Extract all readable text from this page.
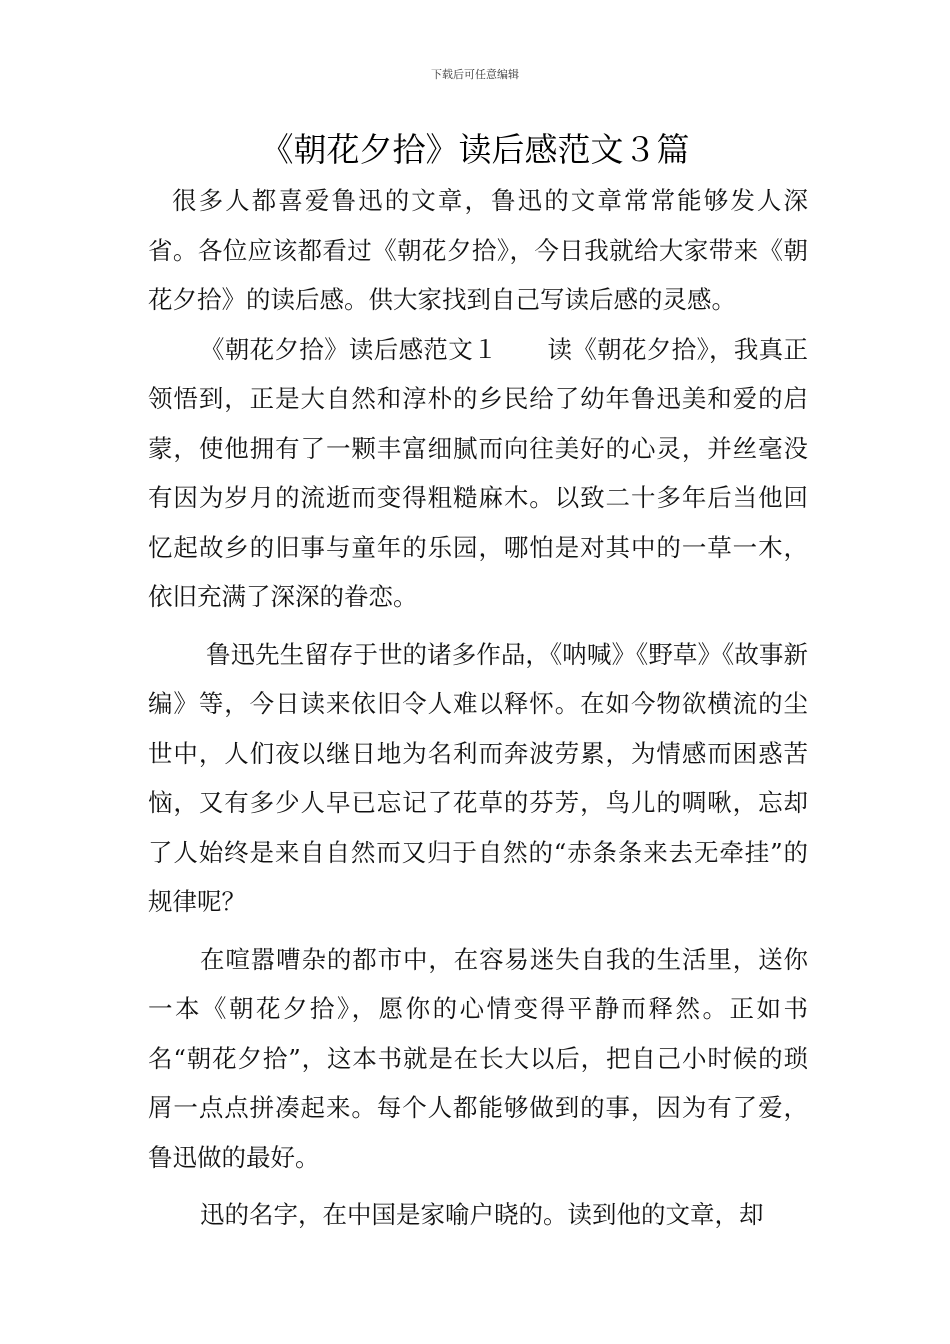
下载后可任意编辑
《朝花夕拾》读后感范文３篇

很多人都喜爱鲁迅的文章，鲁迅的文章常常能够发人深省。各位应该都看过《朝花夕拾》，今日我就给大家带来《朝花夕拾》的读后感。供大家找到自己写读后感的灵感。

《朝花夕拾》读后感范文１　　读《朝花夕拾》，我真正领悟到，正是大自然和淳朴的乡民给了幼年鲁迅美和爱的启蒙，使他拥有了一颗丰富细腻而向往美好的心灵，并丝毫没有因为岁月的流逝而变得粗糙麻木。以致二十多年后当他回忆起故乡的旧事与童年的乐园，哪怕是对其中的一草一木，依旧充满了深深的眷恋。

鲁迅先生留存于世的诸多作品，《呐喊》《野草》《故事新编》等，今日读来依旧令人难以释怀。在如今物欲横流的尘世中，人们夜以继日地为名利而奔波劳累，为情感而困惑苦恼，又有多少人早已忘记了花草的芬芳，鸟儿的啁啾，忘却了人始终是来自自然而又归于自然的“赤条条来去无牵挂”的规律呢？

在喧嚣嘈杂的都市中，在容易迷失自我的生活里，送你一本《朝花夕拾》，愿你的心情变得平静而释然。正如书名“朝花夕拾”，这本书就是在长大以后，把自己小时候的琐屑一点点拼凑起来。每个人都能够做到的事，因为有了爱，鲁迅做的最好。

迅的名字，在中国是家喻户晓的。读到他的文章，却
